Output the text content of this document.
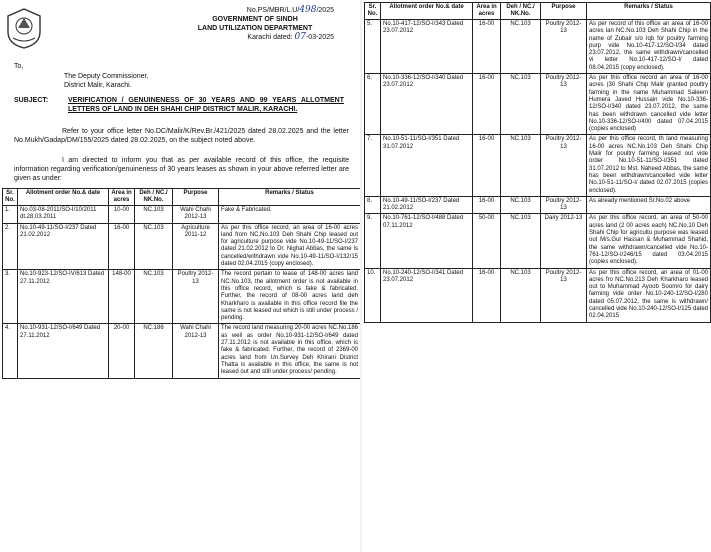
No.PS/MBR/L.U/498/2025
GOVERNMENT OF SINDH
LAND UTILIZATION DEPARTMENT
Karachi dated: 07-03-2025
To,
The Deputy Commissioner,
District Malir, Karachi.
SUBJECT:	VERIFICATION / GENUINENESS OF 30 YEARS AND 99 YEARS ALLOTMENT LETTERS OF LAND IN DEH SHAHI CHIP DISTRICT MALIR, KARACHI.
Refer to your office letter No.DC/Malir/K/Rev.Br./421/2025 dated 28.02.2025 and the letter No.Mukh/Gadap/DM/155/2025 dated 28.02.2025, on the subject noted above.
I am directed to inform you that as per available record of this office, the requisite information regarding verification/genuineness of 30 years leases as shown in your above referred letter are given as under:
Sr. No.	Allotment order No.& date	Area in acres	Deh / NC./ NK.No.	Purpose	Remarks / Status
1.	No.03-08-2011/SO-I/10/2011 dt.28.03.2011	10-00	NC.103	Wahi Chahi 2012-13	Fake & Fabricated.
2.	No.10-49-11/SO-I/237 Dated 21.02.2012	16-00	NC.103	Agriculture 2011-12	As per this office record, an area of 16-00 acres land from NC.No.103 Deh Shahi Chip leased out for agriculture purpose vide No.10-49-11/SO-I/237 dated 21.02.2012 to Dr. Nighat Abbas, the same is cancelled/withdrawn vide No.10-49-11/SO-I/132/15 dated 02.04.2015 (copy enclosed).
3.	No.10-923-12/SO-IV/613 Dated 27.11.2012	148-00	NC.103	Poultry 2012-13	The record pertain to lease of 148-00 acres land NC.No.103, the allotment order is not available in this office record, which is fake & fabricated. Further, the record of 08-00 acres land deh Kharkharo is available in this office record file the same is not leased out which is still under process / pending.
4.	No.10-931-12/SO-I/649 Dated 27.11.2012	20-00	NC.186	Wahi Chahi 2012-13	The record land measuring 20-00 acres NC.No.186 as well as order No.10-931-12/SO-I/649 dated 27.11.2012 is not available in this office, which is fake & fabricated. Further, the record of 2369-00 acres land from Un.Survey Deh Khirani District Thatta is available in this office, the same is not leased out and still under process/ pending.
Sr. No.	Allotment order No.& date	Area in acres	Deh / NC./ NK.No.	Purpose	Remarks / Status
5.	No.10-417-12/SO-I/343 Dated 23.07.2012	16-00	NC.103	Poultry 2012-13	As per record of this office an area of 16-00 acres lan NC.No.103 Deh Shahi Chip in the name of Zubair s/o Iqb for poultry farming purp vide No.10-417-12/SO-I/34 dated 23.07.2012, the same withdrawn/cancelled vi letter No.10-417-12/SO-I/ dated 08.04.2015 (copy enclosed).
6.	No.10-336-12/SO-I/340 Dated 23.07.2012	16-00	NC.103	Poultry 2012-13	As per this office record an area of 16-00 acres (30 Shahi Chip Malir granted poultry farming in the name Muhammad Saleem Humera Javed Hussain vide No.10-336-12/SO-I/340 dated 23.07.2012, the same has been withdrawn cancelled vide letter No.10-336-12/SO-I/400 dated 07.04.2015 (copies enclosed)
7.	No.10-51-11/SO-I/351 Dated 31.07.2012	16-00	NC.103	Poultry 2012-13	As per this office record, th land measuring 16-00 acres NC.No.103 Deh Shahi Chip Malir for poultry farming leased out vide order No.10-51-11/SO-I/351 dated 31.07.2012 to Mst. Naheed Abbas, the same has been withdrawn/cancelled vide letter No.10-51-11/SO-I/ dated 02.07.2015 (copies enclosed).
8.	No.10-49-11/SO-I/237 Dated 21.02.2012	16-00	NC.103	Poultry 2012-13	As already mentioned Sr.No.02 above
9.	No.10-761-12/SO-I/488 Dated 07.11.2012	50-00	NC.103	Dairy 2012-13	As per this office record, an area of 50-00 acres land (2 00 acres each) NC.No.10 Deh Shahi Chip for agricultu purpose was leased out M/s.Gul Hassan & Muhammad Shahid, the same withdrawn/cancelled vide No.10-761-12/SO-I/246/15 dated 03.04.2015 (copies enclosed).
10.	No.10-240-12/SO-I/341 Dated 23.07.2012	16-00	NC.103	Poultry 2012-13	As per this office record, an area of 01-00 acres fro NC.No.213 Deh Kharkharo leased out to Muhammad Ayoob Soomro for dairy farming vide order No.10-240-12/SO-I/280 dated 05.07.2012, the same is withdrawn/ cancelled vide No.10-240-12/SO-I/125 dated 02.04.2015
